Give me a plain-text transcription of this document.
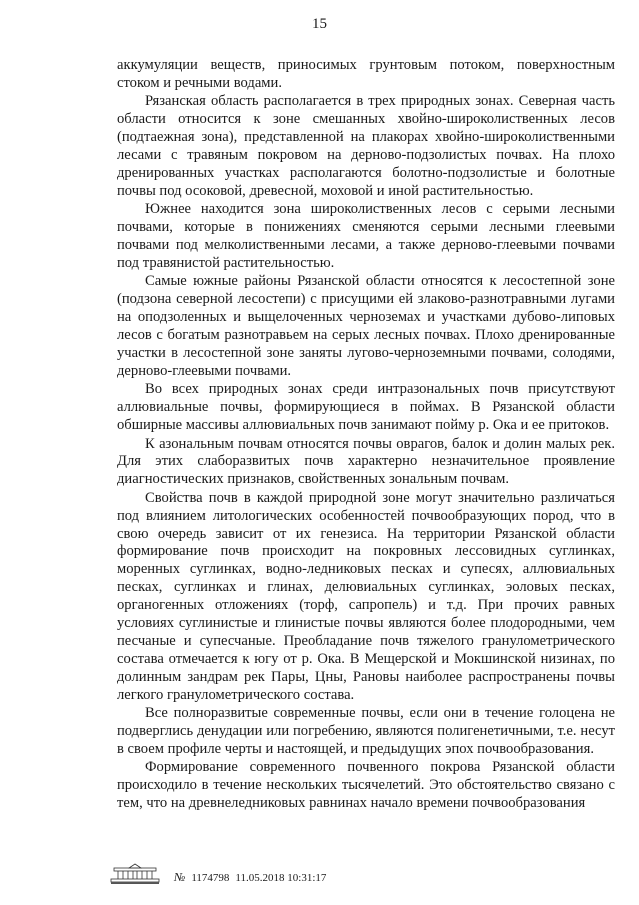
15

аккумуляции веществ, приносимых грунтовым потоком, поверхностным стоком и речными водами.

Рязанская область располагается в трех природных зонах. Северная часть области относится к зоне смешанных хвойно-широколиственных лесов (подтаежная зона), представленной на плакорах хвойно-широколиственными лесами с травяным покровом на дерново-подзолистых почвах. На плохо дренированных участках располагаются болотно-подзолистые и болотные почвы под осоковой, древесной, моховой и иной растительностью.

Южнее находится зона широколиственных лесов с серыми лесными почвами, которые в понижениях сменяются серыми лесными глеевыми почвами под мелколиственными лесами, а также дерново-глеевыми почвами под травянистой растительностью.

Самые южные районы Рязанской области относятся к лесостепной зоне (подзона северной лесостепи) с присущими ей злаково-разнотравными лугами на оподзоленных и выщелоченных черноземах и участками дубово-липовых лесов с богатым разнотравьем на серых лесных почвах. Плохо дренированные участки в лесостепной зоне заняты лугово-черноземными почвами, солодями, дерново-глеевыми почвами.

Во всех природных зонах среди интразональных почв присутствуют аллювиальные почвы, формирующиеся в поймах. В Рязанской области обширные массивы аллювиальных почв занимают пойму р. Ока и ее притоков.

К азональным почвам относятся почвы оврагов, балок и долин малых рек. Для этих слаборазвитых почв характерно незначительное проявление диагностических признаков, свойственных зональным почвам.

Свойства почв в каждой природной зоне могут значительно различаться под влиянием литологических особенностей почвообразующих пород, что в свою очередь зависит от их генезиса. На территории Рязанской области формирование почв происходит на покровных лессовидных суглинках, моренных суглинках, водно-ледниковых песках и супесях, аллювиальных песках, суглинках и глинах, делювиальных суглинках, эоловых песках, органогенных отложениях (торф, сапропель) и т.д. При прочих равных условиях суглинистые и глинистые почвы являются более плодородными, чем песчаные и супесчаные. Преобладание почв тяжелого гранулометрического состава отмечается к югу от р. Ока. В Мещерской и Мокшинской низинах, по долинным зандрам рек Пары, Цны, Рановы наиболее распространены почвы легкого гранулометрического состава.

Все полноразвитые современные почвы, если они в течение голоцена не подверглись денудации или погребению, являются полигенетичными, т.е. несут в своем профиле черты и настоящей, и предыдущих эпох почвообразования.

Формирование современного почвенного покрова Рязанской области происходило в течение нескольких тысячелетий. Это обстоятельство связано с тем, что на древнеледниковых равнинах начало времени почвообразования

№ 1174798 11.05.2018 10:31:17
